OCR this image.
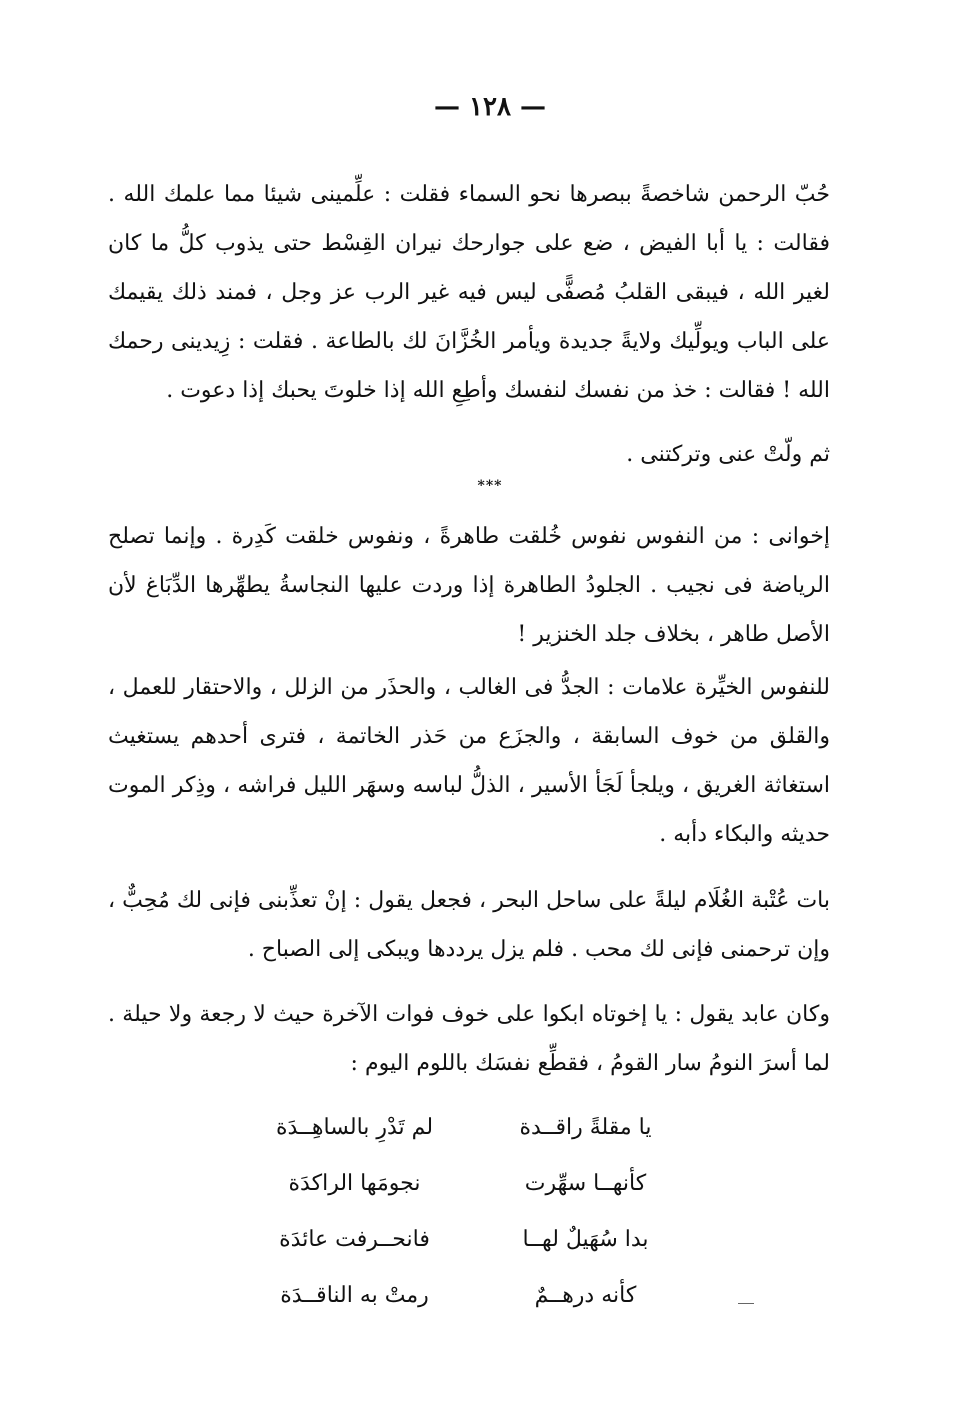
— ١٢٨ —

حُبّ الرحمن شاخصةً ببصرها نحو السماء فقلت : علِّمينى شيئا مما علمك الله . فقالت : يا أبا الفيض ، ضع على جوارحك نيران القِسْط حتى يذوب كلُّ ما كان لغير الله ، فيبقى القلبُ مُصفًّى ليس فيه غير الرب عز وجل ، فمند ذلك يقيمك على الباب ويولِّيك ولايةً جديدة ويأمر الخُزَّانَ لك بالطاعة . فقلت : زِيدينى رحمك الله ! فقالت : خذ من نفسك لنفسك وأطِعِ الله إذا خلوتَ يحبك إذا دعوت .

ثم ولّتْ عنى وتركتنى .

***

إخوانى : من النفوس نفوس خُلقت طاهرةً ، ونفوس خلقت كَدِرة . وإنما تصلح الرياضة فى نجيب . الجلودُ الطاهرة إذا وردت عليها النجاسةُ يطهِّرها الدِّبَاغ لأن الأصل طاهر ، بخلاف جلد الخنزير !

للنفوس الخيِّرة علامات : الجدُّ فى الغالب ، والحذَر من الزلل ، والاحتقار للعمل ، والقلق من خوف السابقة ، والجزَع من حَذر الخاتمة ، فترى أحدهم يستغيث استغاثة الغريق ، ويلجأ لَجَأ الأسير ، الذلُّ لباسه وسهَر الليل فراشه ، وذِكر الموت حديثه والبكاء دأبه .

بات عُتْبة الغُلَام ليلةً على ساحل البحر ، فجعل يقول : إنْ تعذِّبنى فإنى لك مُحِبٌّ ، وإن ترحمنى فإنى لك محب . فلم يزل يرددها ويبكى إلى الصباح .

وكان عابد يقول : يا إخوتاه ابكوا على خوف فوات الآخرة حيث لا رجعة ولا حيلة . لما أسرَ النومُ سار القومُ ، فقطِّع نفسَك باللوم اليوم :

يا مقلةً راقــدة
لم تَدْرِ بالساهِــدَة
كأنهــا سهِّرت
نجومَها الراكدَة
بدا سُهَيلٌ لهــا
فانحــرفت عائدَة
كأنه درهــمٌ
رمتْ به الناقــدَة
